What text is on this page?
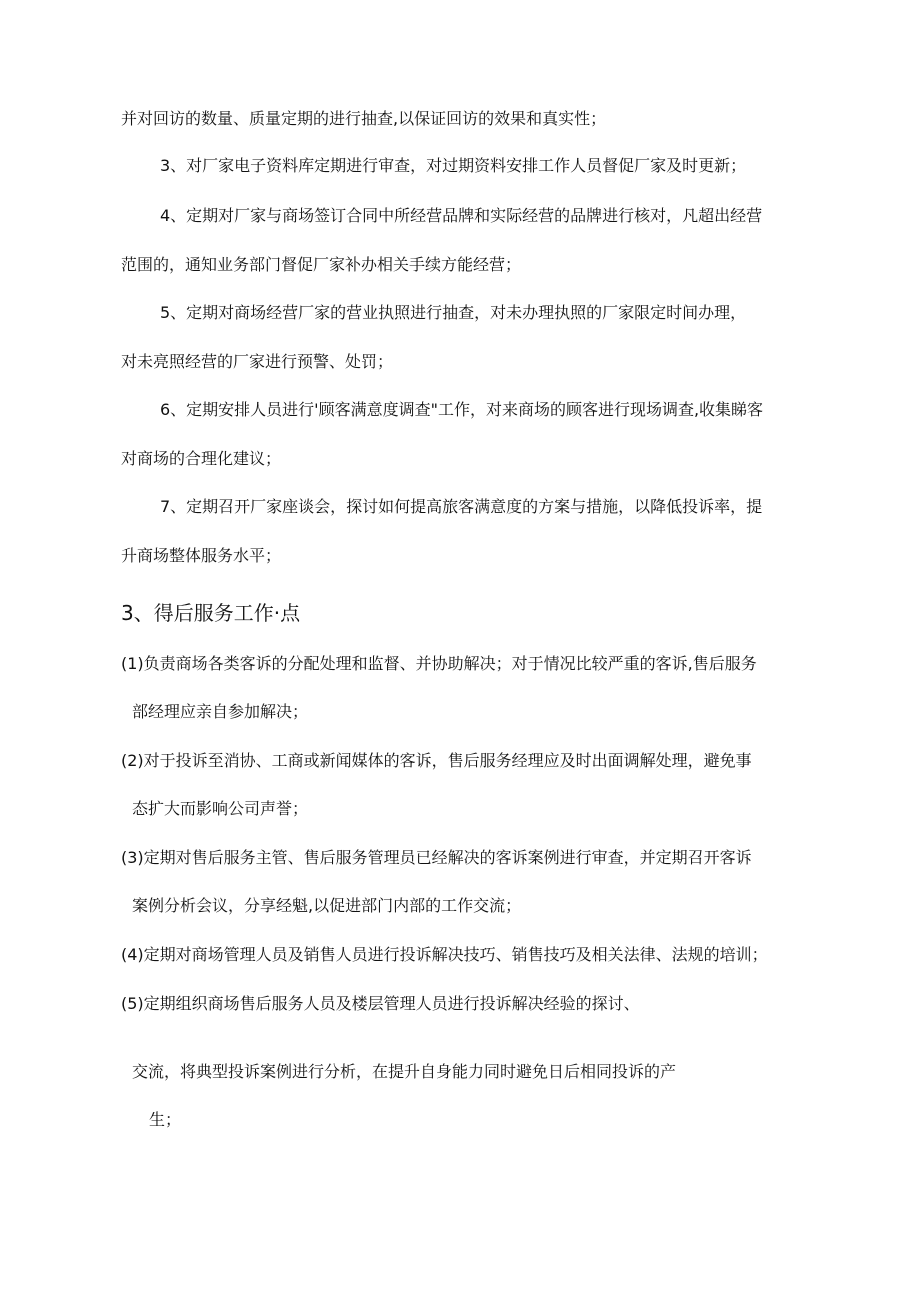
并对回访的数量、质量定期的进行抽查,以保证回访的效果和真实性；
3、对厂家电子资料库定期进行审查，对过期资料安排工作人员督促厂家及时更新；
4、定期对厂家与商场签订合同中所经营品牌和实际经营的品牌进行核对，凡超出经营
范围的，通知业务部门督促厂家补办相关手续方能经营；
5、定期对商场经营厂家的营业执照进行抽查，对未办理执照的厂家限定时间办理，
对未亮照经营的厂家进行预警、处罚；
6、定期安排人员进行'顾客满意度调查"工作，对来商场的顾客进行现场调查,收集睇客
对商场的合理化建议；
7、定期召开厂家座谈会，探讨如何提高旅客满意度的方案与措施，以降低投诉率，提
升商场整体服务水平；
3、得后服务工作·点
(1)负责商场各类客诉的分配处理和监督、并协助解决；对于情况比较严重的客诉,售后服务
部经理应亲自参加解决；
(2)对于投诉至消协、工商或新闻媒体的客诉，售后服务经理应及时出面调解处理，避免事
态扩大而影响公司声誉；
(3)定期对售后服务主管、售后服务管理员已经解决的客诉案例进行审查，并定期召开客诉
案例分析会议，分享经魁,以促进部门内部的工作交流；
(4)定期对商场管理人员及销售人员进行投诉解决技巧、销售技巧及相关法律、法规的培训；
(5)定期组织商场售后服务人员及楼层管理人员进行投诉解决经验的探讨、
交流，将典型投诉案例进行分析，在提升自身能力同时避免日后相同投诉的产
生；
